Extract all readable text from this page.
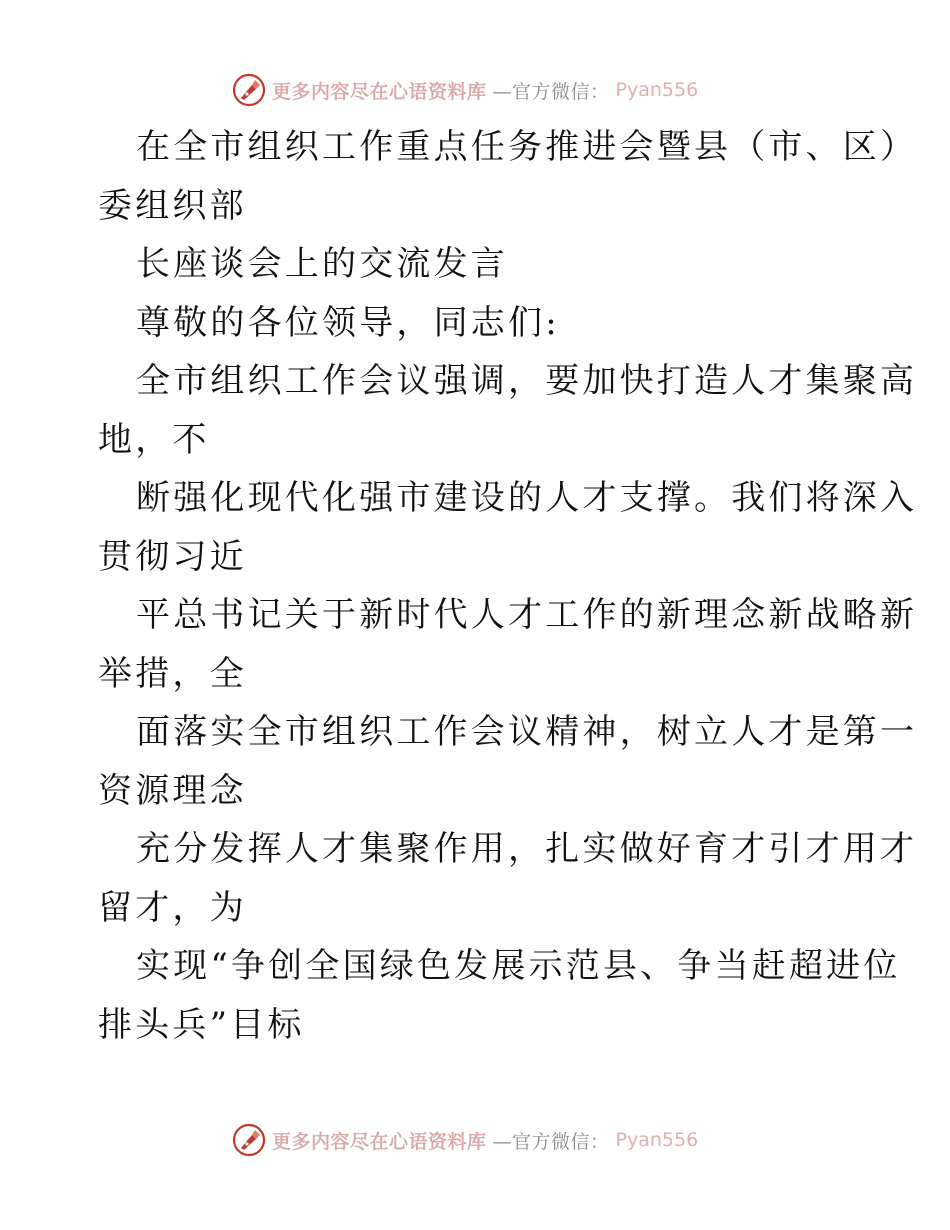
更多内容尽在心语资料库 —官方微信： Pyan556
在全市组织工作重点任务推进会暨县（市、区）
委组织部
长座谈会上的交流发言
尊敬的各位领导，同志们:
全市组织工作会议强调，要加快打造人才集聚高
地，不
断强化现代化强市建设的人才支撑。我们将深入
贯彻习近
平总书记关于新时代人才工作的新理念新战略新
举措，全
面落实全市组织工作会议精神，树立人才是第一
资源理念
充分发挥人才集聚作用，扎实做好育才引才用才
留才，为
实现“争创全国绿色发展示范县、争当赶超进位
排头兵”目标
更多内容尽在心语资料库 —官方微信： Pyan556
